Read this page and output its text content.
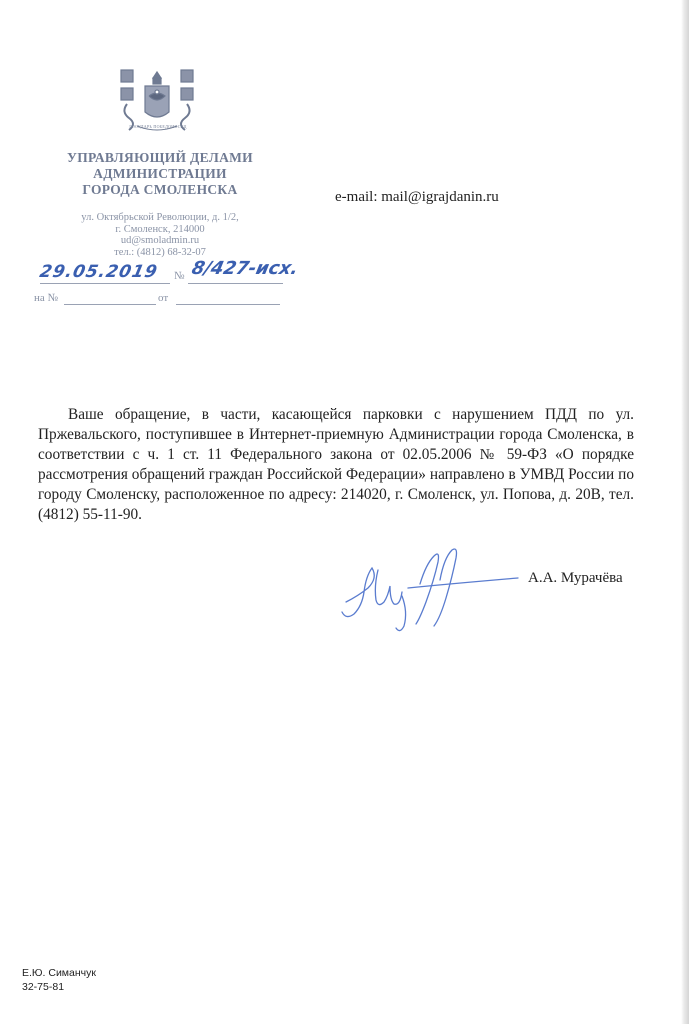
ГОСУДАРЬ ПОБЕДОНОСЕЦ
УПРАВЛЯЮЩИЙ ДЕЛАМИ
АДМИНИСТРАЦИИ
ГОРОДА СМОЛЕНСКА
ул. Октябрьской Революции, д. 1/2,
г. Смоленск, 214000
ud@smoladmin.ru
тел.: (4812) 68-32-07
29.05.2019 № 8/427-исх.
на №	от
e-mail: mail@igrajdanin.ru
Ваше обращение, в части, касающейся парковки с нарушением ПДД по ул. Пржевальского, поступившее в Интернет-приемную Администрации города Смоленска, в соответствии с ч. 1 ст. 11 Федерального закона от 02.05.2006 № 59-ФЗ «О порядке рассмотрения обращений граждан Российской Федерации» направлено в УМВД России по городу Смоленску, расположенное по адресу: 214020, г. Смоленск, ул. Попова, д. 20В, тел. (4812) 55-11-90.
А.А. Мурачёва
Е.Ю. Симанчук
32-75-81
